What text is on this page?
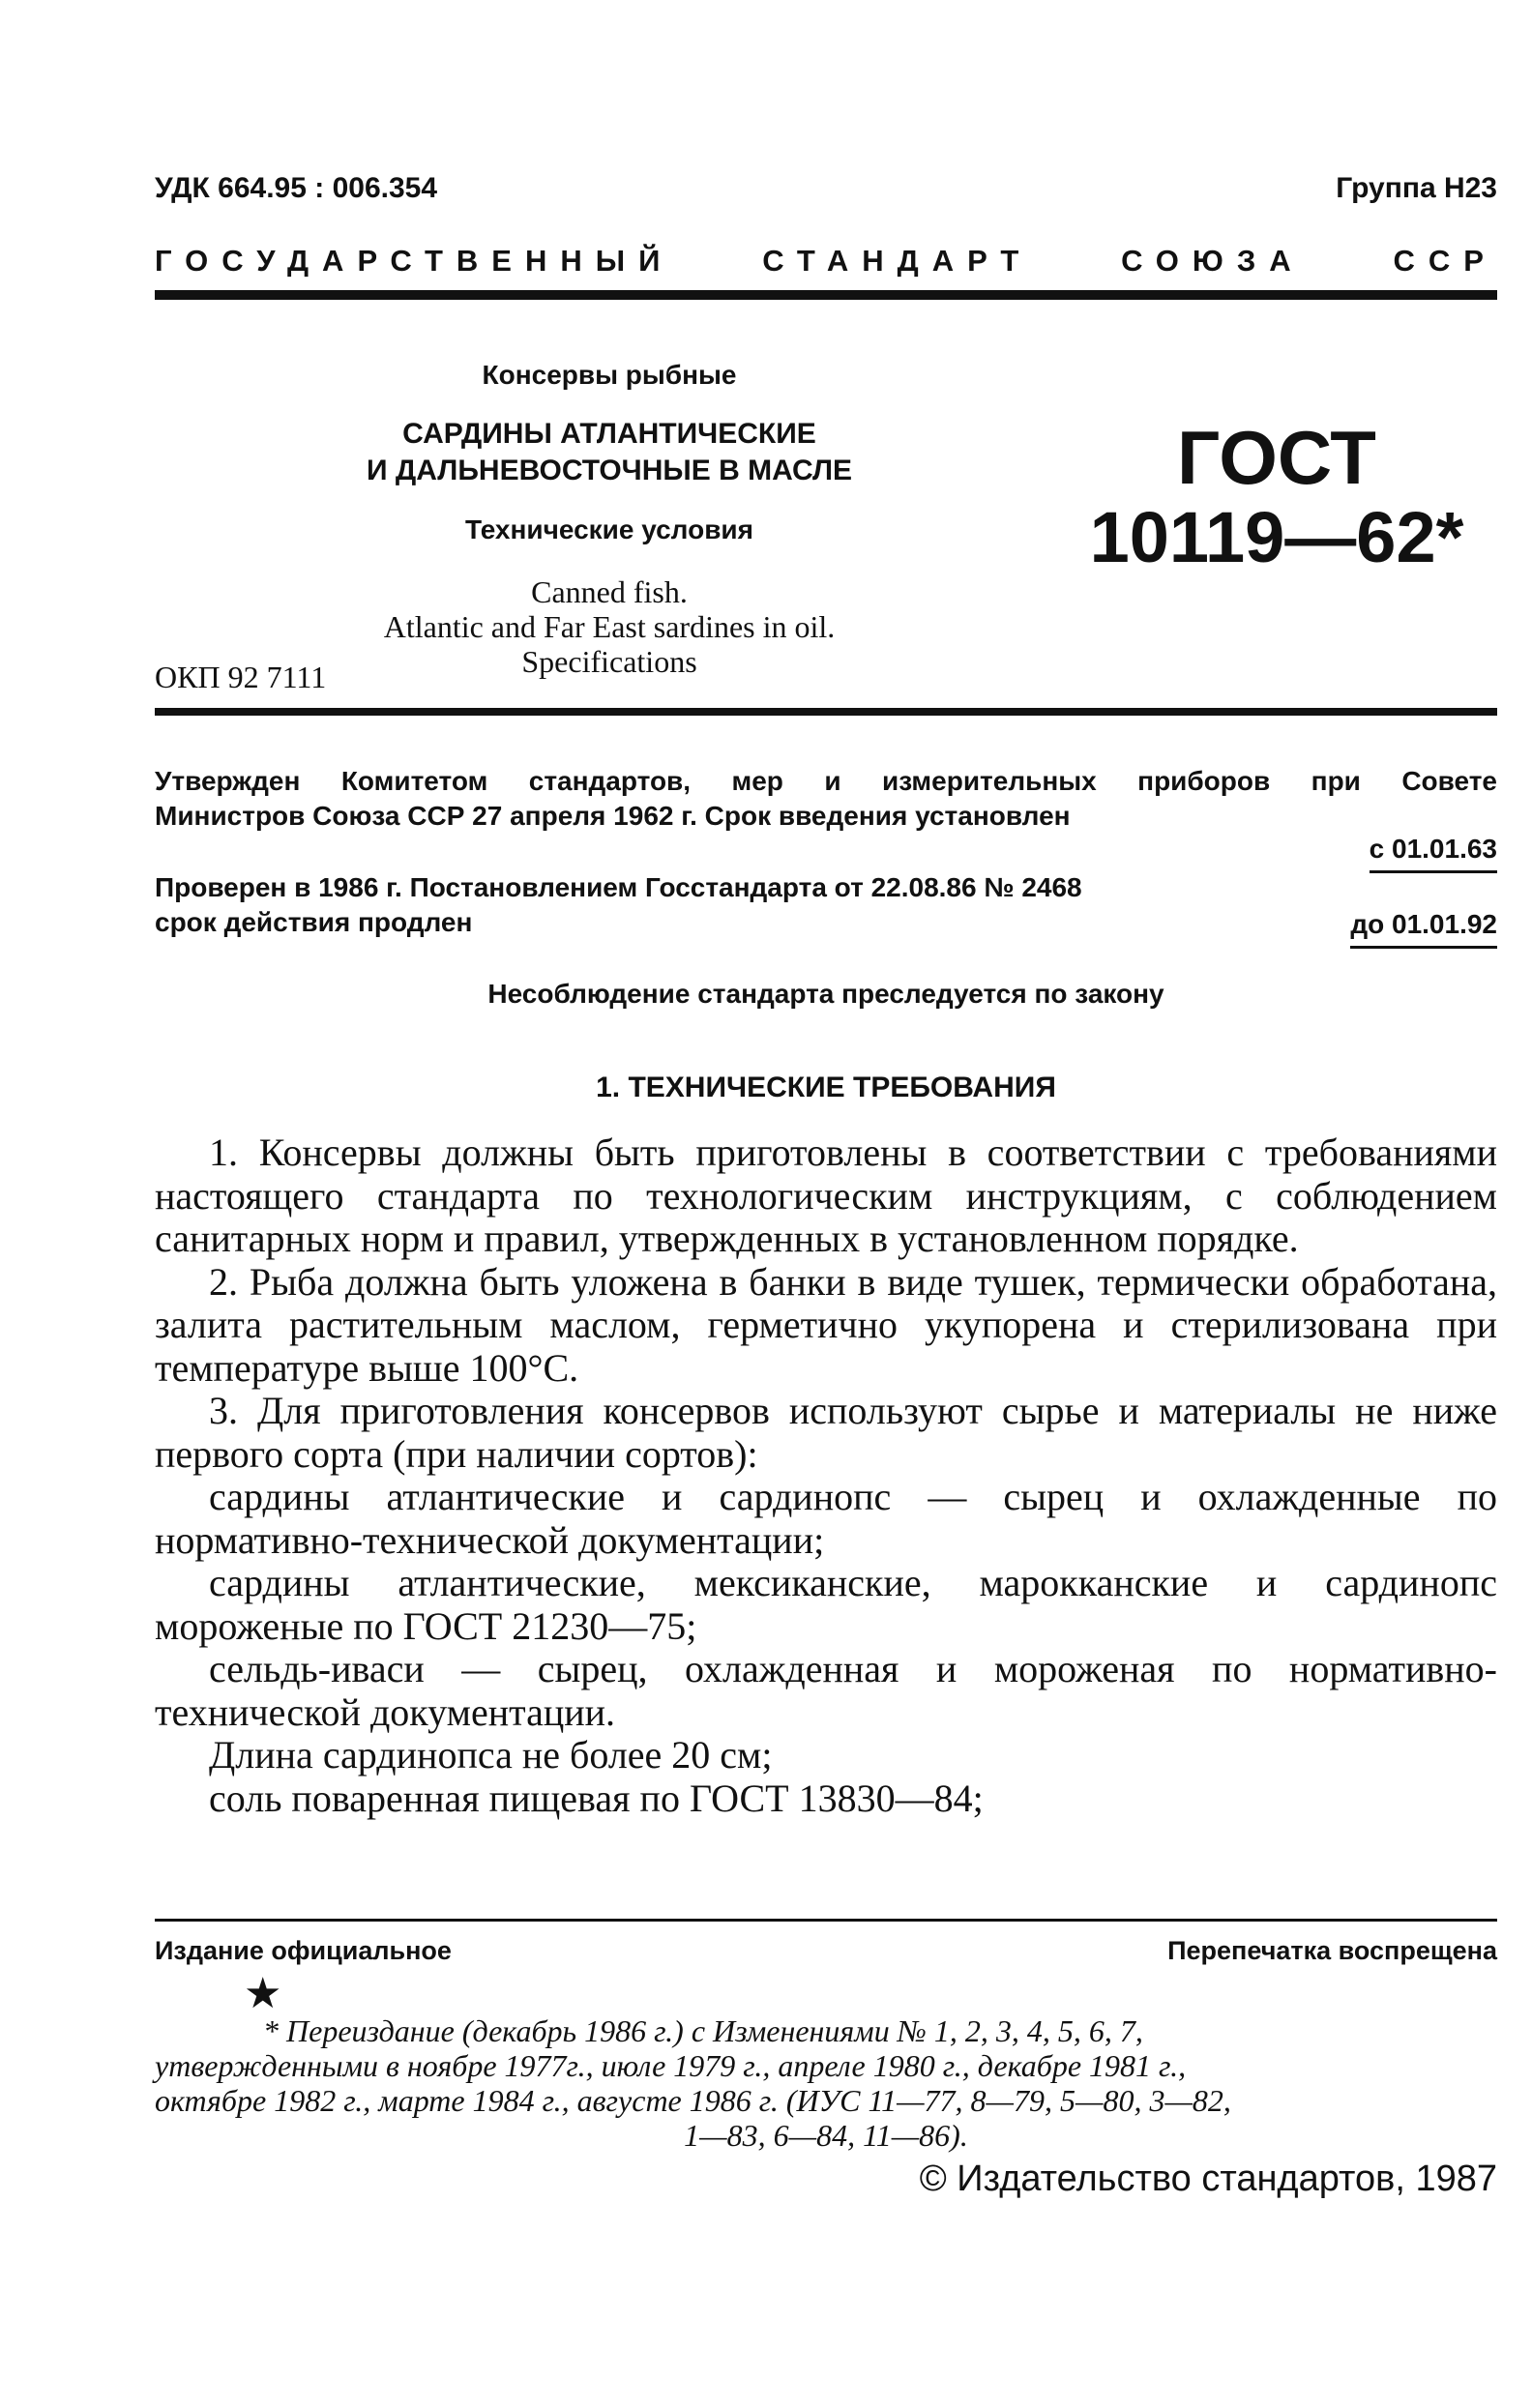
УДК 664.95 : 006.354	Группа Н23
ГОСУДАРСТВЕННЫЙ	СТАНДАРТ	СОЮЗА	ССР
Консервы рыбные
САРДИНЫ АТЛАНТИЧЕСКИЕ
И ДАЛЬНЕВОСТОЧНЫЕ В МАСЛЕ
Технические условия
Canned fish.
Atlantic and Far East sardines in oil.
Specifications
ГОСТ
10119—62*
ОКП 92 7111
Утвержден Комитетом стандартов, мер и измерительных приборов при Совете
Министров Союза ССР 27 апреля 1962 г. Срок введения установлен
с 01.01.63
Проверен в 1986 г. Постановлением Госстандарта от 22.08.86 № 2468
срок действия продлен	до 01.01.92
Несоблюдение стандарта преследуется по закону
1. ТЕХНИЧЕСКИЕ ТРЕБОВАНИЯ

1. Консервы должны быть приготовлены в соответствии с требованиями настоящего стандарта по технологическим инструкциям, с соблюдением санитарных норм и правил, утвержденных в установленном порядке.

2. Рыба должна быть уложена в банки в виде тушек, термически обработана, залита растительным маслом, герметично укупорена и стерилизована при температуре выше 100°С.

3. Для приготовления консервов используют сырье и материалы не ниже первого сорта (при наличии сортов):

сардины атлантические и сардинопс — сырец и охлажденные по нормативно-технической документации;

сардины атлантические, мексиканские, марокканские и сардинопс мороженые по ГОСТ 21230—75;

сельдь-иваси — сырец, охлажденная и мороженая по нормативно-технической документации.

Длина сардинопса не более 20 см;

соль поваренная пищевая по ГОСТ 13830—84;

Издание официальное	Перепечатка воспрещена
★
* Переиздание (декабрь 1986 г.) с Изменениями № 1, 2, 3, 4, 5, 6, 7,
утвержденными в ноябре 1977г., июле 1979 г., апреле 1980 г., декабре 1981 г.,
октябре 1982 г., марте 1984 г., августе 1986 г. (ИУС 11—77, 8—79, 5—80, 3—82,
1—83, 6—84, 11—86).
© Издательство стандартов, 1987
